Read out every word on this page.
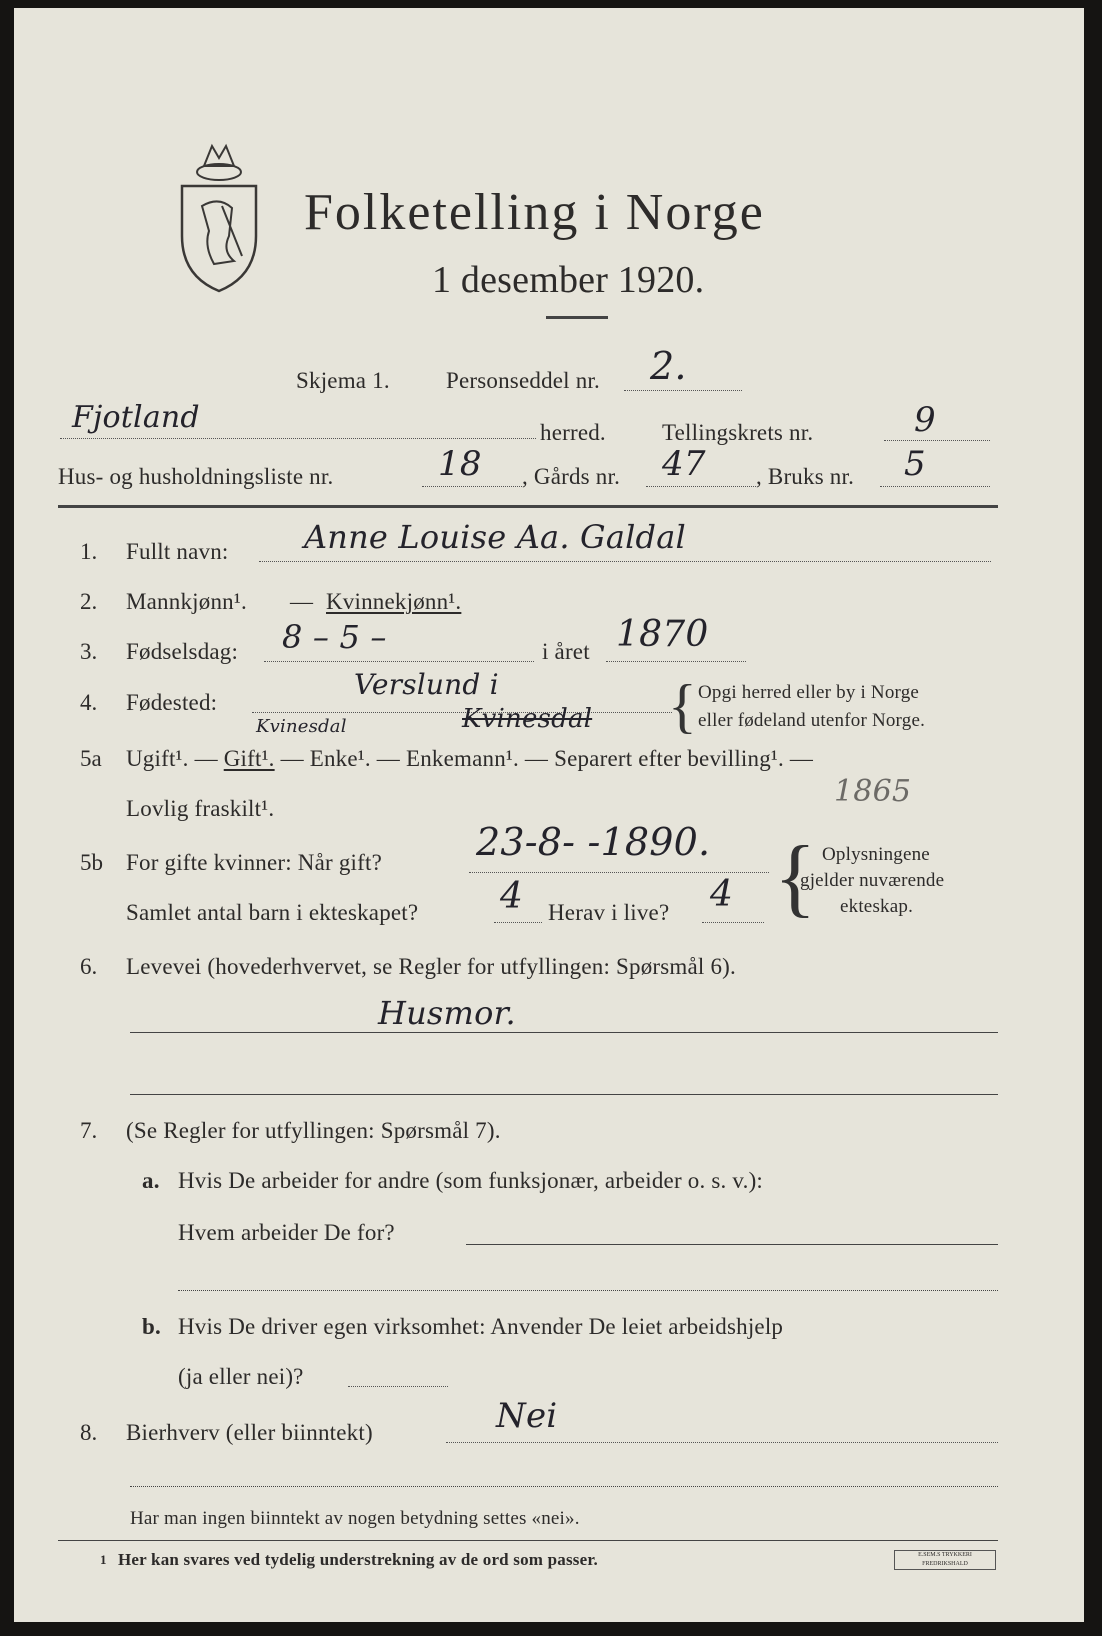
Folketelling i Norge
1 desember 1920.
Skjema 1. Personseddel nr. 2.
Fjotland	herred. Tellingskrets nr.	9
Hus- og husholdningsliste nr.	18 , Gårds nr. 47 , Bruks nr. 5
1. Fullt navn: Anne Louise Aa. Galdal
2. Mannkjønn¹. — Kvinnekjønn¹.
3. Fødselsdag: 8 – 5 –	i året 1870
4. Fødested:
Verslund i
Kvinesdal	Kvinesdal { Opgi herred eller by i Norge
eller fødeland utenfor Norge.
5a Ugift¹. — Gift¹. — Enke¹. — Enkemann¹. — Separert efter bevilling¹. —
Lovlig fraskilt¹.	1865
5b For gifte kvinner: Når gift? 23-8- -1890.
Samlet antal barn i ekteskapet? 4 Herav i live? 4 { Oplysningene
gjelder nuværende
ekteskap.
6. Levevei (hovederhvervet, se Regler for utfyllingen: Spørsmål 6).
Husmor.
7. (Se Regler for utfyllingen: Spørsmål 7).
a. Hvis De arbeider for andre (som funksjonær, arbeider o. s. v.):
Hvem arbeider De for?
b. Hvis De driver egen virksomhet: Anvender De leiet arbeidshjelp
(ja eller nei)?
8. Bierhverv (eller biinntekt)	Nei
Har man ingen biinntekt av nogen betydning settes «nei».
1 Her kan svares ved tydelig understrekning av de ord som passer.	E.SEM.S TRYKKERI FREDRIKSHALD
